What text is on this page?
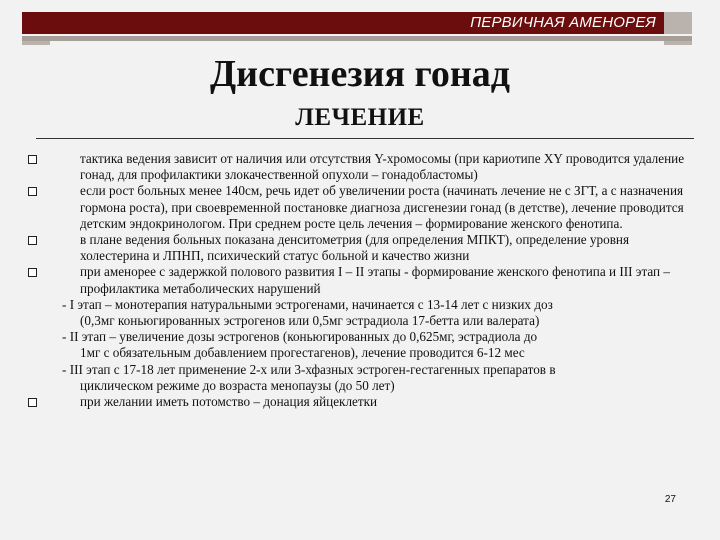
ПЕРВИЧНАЯ АМЕНОРЕЯ
Дисгенезия гонад
ЛЕЧЕНИЕ

тактика ведения зависит от наличия или отсутствия Y-хромосомы (при кариотипе XY проводится удаление гонад, для профилактики злокачественной опухоли – гонадобластомы)

если рост больных менее 140см, речь идет об увеличении роста (начинать лечение не с ЗГТ, а с назначения гормона роста), при своевременной постановке диагноза дисгенезии гонад (в детстве), лечение проводится детским эндокринологом. При среднем росте цель лечения – формирование женского фенотипа.

в плане ведения больных показана денситометрия (для определения МПКТ), определение уровня холестерина и ЛПНП, психический статус больной и качество жизни

при аменорее с задержкой полового развития I – II этапы - формирование женского фенотипа и III этап – профилактика метаболических нарушений

- I этап – монотерапия натуральными эстрогенами, начинается с 13-14 лет с низких доз
(0,3мг коньюгированных эстрогенов или 0,5мг эстрадиола 17-бетта или валерата)

- II этап – увеличение дозы эстрогенов (коньюгированных до 0,625мг, эстрадиола до
1мг с обязательным добавлением прогестагенов), лечение проводится 6-12 мес

- III этап с 17-18 лет применение 2-х или 3-хфазных эстроген-гестагенных препаратов в
циклическом режиме до возраста менопаузы (до 50 лет)

при желании иметь потомство – донация яйцеклетки

27
